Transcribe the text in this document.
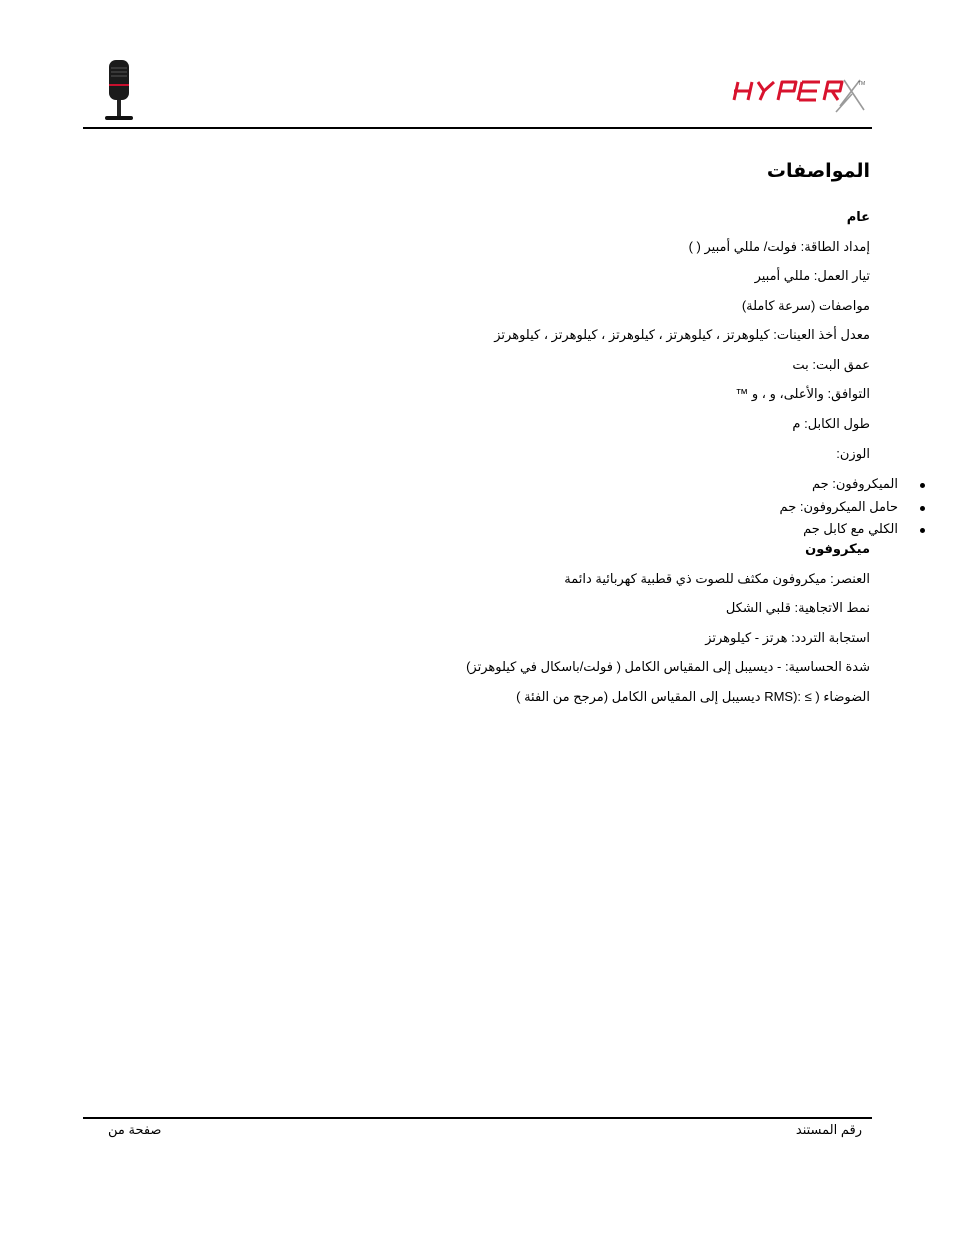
TM
المواصفات
عام
إمداد الطاقة: فولت/ مللي أمبير ( )
تيار العمل: مللي أمبير
مواصفات (سرعة كاملة)
معدل أخذ العينات: كيلوهرتز ، كيلوهرتز ، كيلوهرتز ، كيلوهرتز ، كيلوهرتز
عمق البت: بت
التوافق: والأعلى، و ، و ™
طول الكابل: م
الوزن:
الميكروفون: جم
حامل الميكروفون: جم
الكلي مع كابل جم
ميكروفون
العنصر: ميكروفون مكثف للصوت ذي قطبية كهربائية دائمة
نمط الاتجاهية: قلبي الشكل
استجابة التردد: هرتز - كيلوهرتز
شدة الحساسية: - ديسيبل إلى المقياس الكامل ( فولت/باسكال في كيلوهرتز)
الضوضاء ( ≥ :(RMS ديسيبل إلى المقياس الكامل (مرجح من الفئة )
صفحة من	رقم المستند
